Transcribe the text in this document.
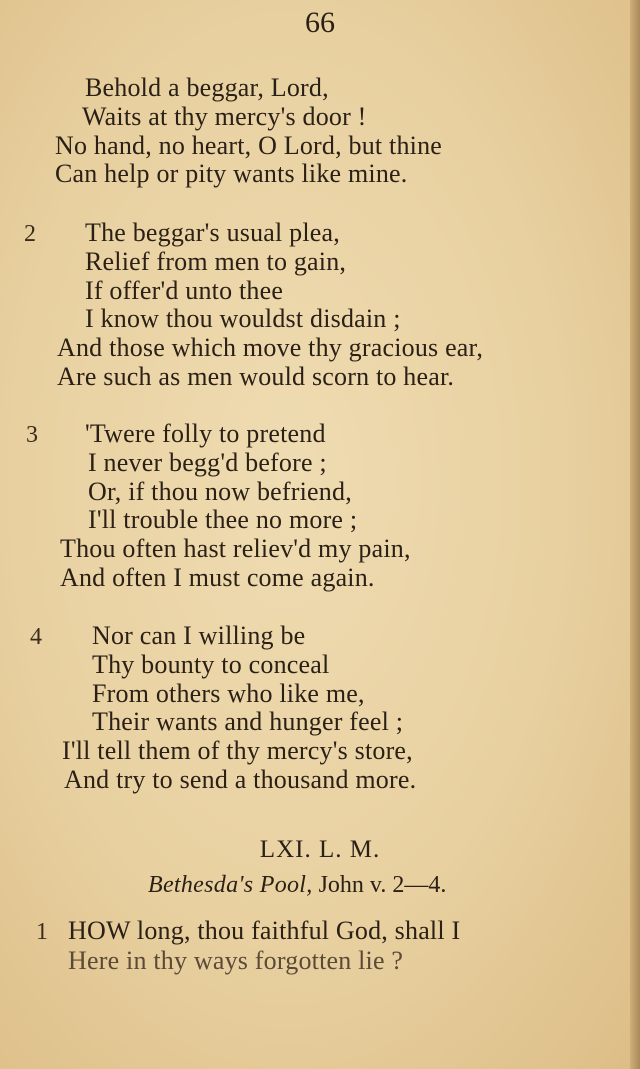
66
Behold a beggar, Lord,
Waits at thy mercy's door !
No hand, no heart, O Lord, but thine
Can help or pity wants like mine.
2 The beggar's usual plea,
Relief from men to gain,
If offer'd unto thee
I know thou wouldst disdain ;
And those which move thy gracious ear,
Are such as men would scorn to hear.
3 'Twere folly to pretend
I never begg'd before ;
Or, if thou now befriend,
I'll trouble thee no more ;
Thou often hast reliev'd my pain,
And often I must come again.
4 Nor can I willing be
Thy bounty to conceal
From others who like me,
Their wants and hunger feel ;
I'll tell them of thy mercy's store,
And try to send a thousand more.
LXI. L. M.
Bethesda's Pool, John v. 2—4.
1 HOW long, thou faithful God, shall I
Here in thy ways forgotten lie ?
